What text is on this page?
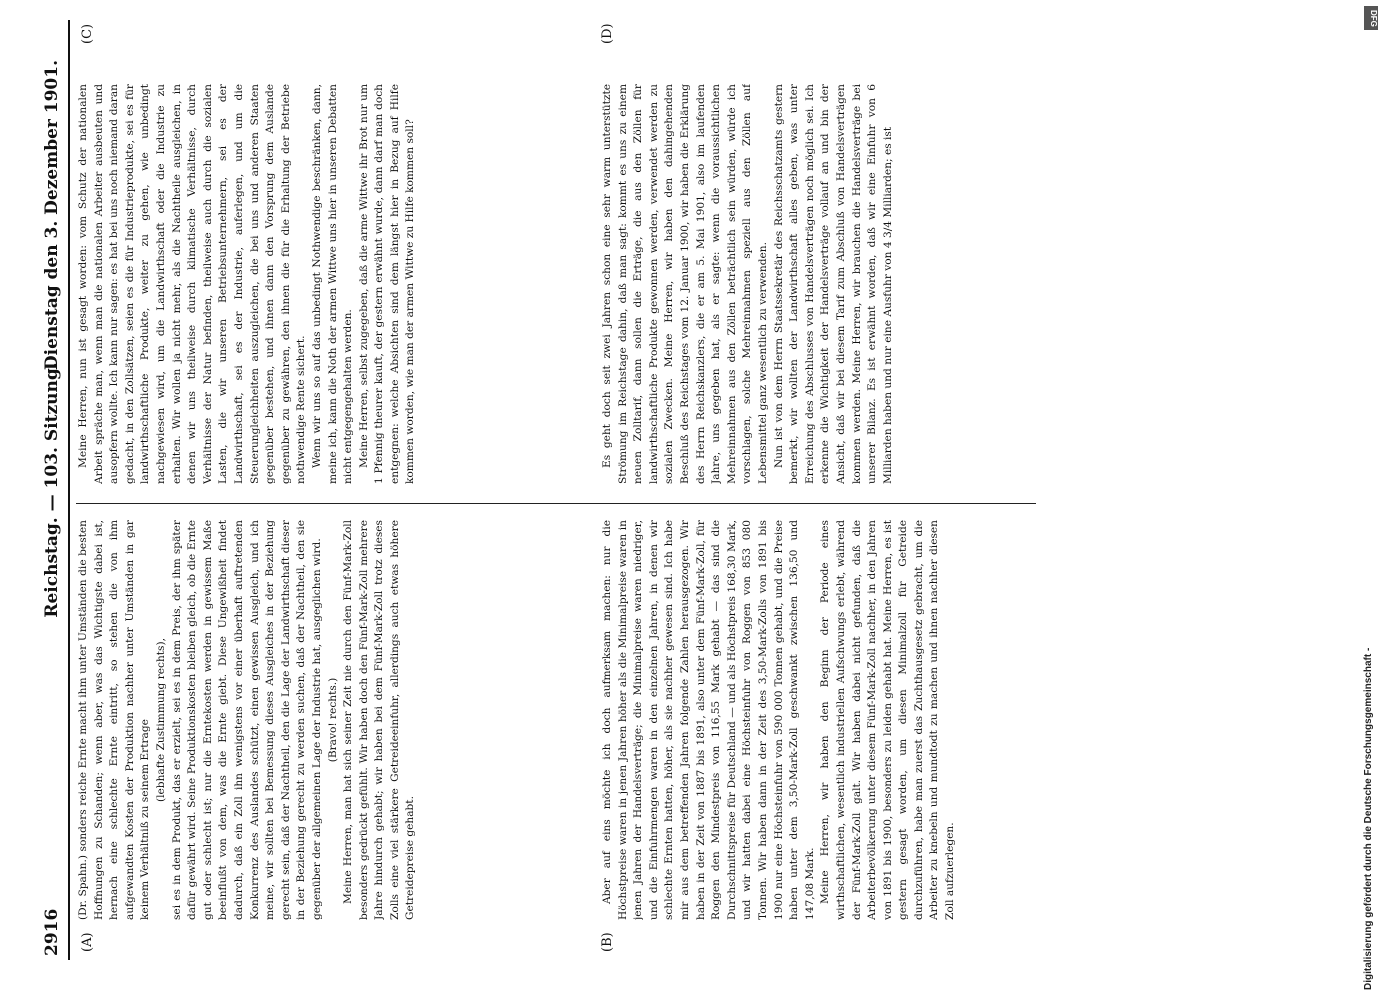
2916
Reichstag. — 103. Sitzung.
Dienstag den 3. Dezember 1901.
(A)	(B)
(C)	(D)

(Dr. Spahn.) sonders reiche Ernte macht ihm unter Umständen die besten Hoffnungen zu Schanden; wenn aber, was das Wichtigste dabei ist, hernach eine schlechte Ernte eintritt, so stehen die von ihm aufgewandten Kosten der Produktion nachher unter Umständen in gar keinem Verhältniß zu seinem Ertrage (lebhafte Zustimmung rechts), sei es in dem Produkt, das er erzielt, sei es in dem Preis, der ihm später dafür gewährt wird. Seine Produktionskosten bleiben gleich, ob die Ernte gut oder schlecht ist; nur die Erntekosten werden in gewissem Maße beeinflußt von dem, was die Ernte giebt. Diese Ungewißheit findet dadurch, daß ein Zoll ihn wenigstens vor einer überhaft auftretenden Konkurrenz des Auslandes schützt, einen gewissen Ausgleich, und ich meine, wir sollten bei Bemessung dieses Ausgleiches in der Beziehung gerecht sein, daß der Nachtheil, den die Lage der Landwirthschaft dieser in der Beziehung gerecht zu werden suchen, daß der Nachtheil, den sie gegenüber der allgemeinen Lage der Industrie hat, ausgeglichen wird. (Bravo! rechts.) Meine Herren, man hat sich seiner Zeit nie durch den Fünf-Mark-Zoll besonders gedrückt gefühlt. Wir haben doch den Fünf-Mark-Zoll mehrere Jahre hindurch gehabt; wir haben bei dem Fünf-Mark-Zoll trotz dieses Zolls eine viel stärkere Getreideeinfuhr, allerdings auch etwas höhere Getreidepreise gehabt.

Meine Herren, nun ist gesagt worden: vom Schutz der nationalen Arbeit spräche man, wenn man die nationalen Arbeiter ausbeuten und ausopfern wollte. Ich kann nur sagen: es hat bei uns noch niemand daran gedacht, in den Zollsätzen, seien es die für Industrieprodukte, sei es für landwirthschaftliche Produkte, weiter zu gehen, wie unbedingt nachgewiesen wird, um die Landwirthschaft oder die Industrie zu erhalten. Wir wollen ja nicht mehr, als die Nachtheile ausgleichen, in denen wir uns theilweise durch klimatische Verhältnisse, durch Verhältnisse der Natur befinden, theilweise auch durch die sozialen Lasten, die wir unseren Betriebsunternehmern, sei es der Landwirthschaft, sei es der Industrie, auferlegen, und um die Steuerungleichheiten auszugleichen, die bei uns und anderen Staaten gegenüber bestehen, und ihnen dann den Vorsprung dem Auslande gegenüber zu gewähren, den ihnen die für die Erhaltung der Betriebe nothwendige Rente sichert. Wenn wir uns so auf das unbedingt Nothwendige beschränken, dann, meine ich, kann die Noth der armen Wittwe uns hier in unseren Debatten nicht entgegengehalten werden. Meine Herren, selbst zugegeben, daß die arme Wittwe ihr Brot nur um 1 Pfennig theurer kauft, der gestern erwähnt wurde, dann darf man doch entgegnen: welche Absichten sind dem längst hier in Bezug auf Hilfe kommen worden, wie man der armen Wittwe zu Hilfe kommen soll?

Aber auf eins möchte ich doch aufmerksam machen: nur die Höchstpreise waren in jenen Jahren höher als die Minimalpreise waren in jenen Jahren der Handelsverträge; die Minimalpreise waren niedriger, und die Einfuhrmengen waren in den einzelnen Jahren, in denen wir schlechte Ernten hatten, höher, als sie nachher gewesen sind. Ich habe mir aus dem betreffenden Jahren folgende Zahlen herausgezogen. Wir haben in der Zeit von 1887 bis 1891, also unter dem Fünf-Mark-Zoll, für Roggen den Mindestpreis von 116,55 Mark gehabt — das sind die Durchschnittspreise für Deutschland — und als Höchstpreis 168,30 Mark, und wir hatten dabei eine Höchsteinfuhr von Roggen von 853 080 Tonnen. Wir haben dann in der Zeit des 3,50-Mark-Zolls von 1891 bis 1900 nur eine Höchsteinfuhr von 590 000 Tonnen gehabt, und die Preise haben unter dem 3,50-Mark-Zoll geschwankt zwischen 136,50 und 147,08 Mark. Meine Herren, wir haben den Beginn der Periode eines wirthschaftlichen, wesentlich industriellen Aufschwungs erlebt, während der Fünf-Mark-Zoll galt. Wir haben dabei nicht gefunden, daß die Arbeiterbevölkerung unter diesem Fünf-Mark-Zoll nachher, in den Jahren von 1891 bis 1900, besonders zu leiden gehabt hat. Meine Herren, es ist gestern gesagt worden, um diesen Minimalzoll für Getreide durchzuführen, habe man zuerst das Zuchthausgesetz gebracht, um die Arbeiter zu knebeln und mundtodt zu machen und ihnen nachher diesen Zoll aufzuerlegen.

Es geht doch seit zwei Jahren schon eine sehr warm unterstützte Strömung im Reichstage dahin, daß man sagt: kommt es uns zu einem neuen Zolltarif, dann sollen die Erträge, die aus den Zöllen für landwirthschaftliche Produkte gewonnen werden, verwendet werden zu sozialen Zwecken. Meine Herren, wir haben den dahingehenden Beschluß des Reichstages vom 12. Januar 1900, wir haben die Erklärung des Herrn Reichskanzlers, die er am 5. Mai 1901, also im laufenden Jahre, uns gegeben hat, als er sagte: wenn die voraussichtlichen Mehreinnahmen aus den Zöllen beträchtlich sein würden, würde ich vorschlagen, solche Mehreinnahmen speziell aus den Zöllen auf Lebensmittel ganz wesentlich zu verwenden. Nun ist von dem Herrn Staatssekretär des Reichsschatzamts gestern bemerkt, wir wollten der Landwirthschaft alles geben, was unter Erreichung des Abschlusses von Handelsverträgen noch möglich sei. Ich erkenne die Wichtigkeit der Handelsverträge vollauf an und bin der Ansicht, daß wir bei diesem Tarif zum Abschluß von Handelsverträgen kommen werden. Meine Herren, wir brauchen die Handelsverträge bei unserer Bilanz. Es ist erwähnt worden, daß wir eine Einfuhr von 6 Milliarden haben und nur eine Ausfuhr von 4 3/4 Milliarden; es ist

Digitalisierung gefördert durch die Deutsche Forschungsgemeinschaft -
DFG
